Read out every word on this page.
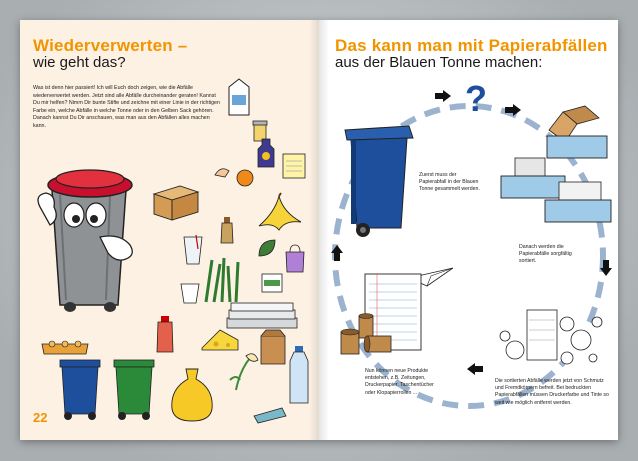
Wiederverwerten –
wie geht das?
Was ist denn hier passiert! Ich will Euch doch zeigen, wie die Abfälle wiederverwertet werden. Jetzt sind alle Abfälle durcheinander geraten! Kannst Du mir helfen? Nimm Dir bunte Stifte und zeichne mit einer Linie in der richtigen Farbe ein, welche Abfälle in welche Tonne oder in den Gelben Sack gehören. Danach kannst Du Dir anschauen, was man aus den Abfällen alles machen kann.
22
Das kann man mit Papierabfällen
aus der Blauen Tonne machen:
?
Zuerst muss der Papierabfall in der Blauen Tonne gesammelt werden.
Danach werden die Papierabfälle sorgfältig sortiert.
Die sortierten Abfälle werden jetzt von Schmutz und Fremdkörpern befreit. Bei bedruckten Papierabfällen müssen Druckerfarbe und Tinte so weit wie möglich entfernt werden.
Nun können neue Produkte entstehen, z.B. Zeitungen, Druckerpapier, Taschentücher oder Klopapierrollen ...
